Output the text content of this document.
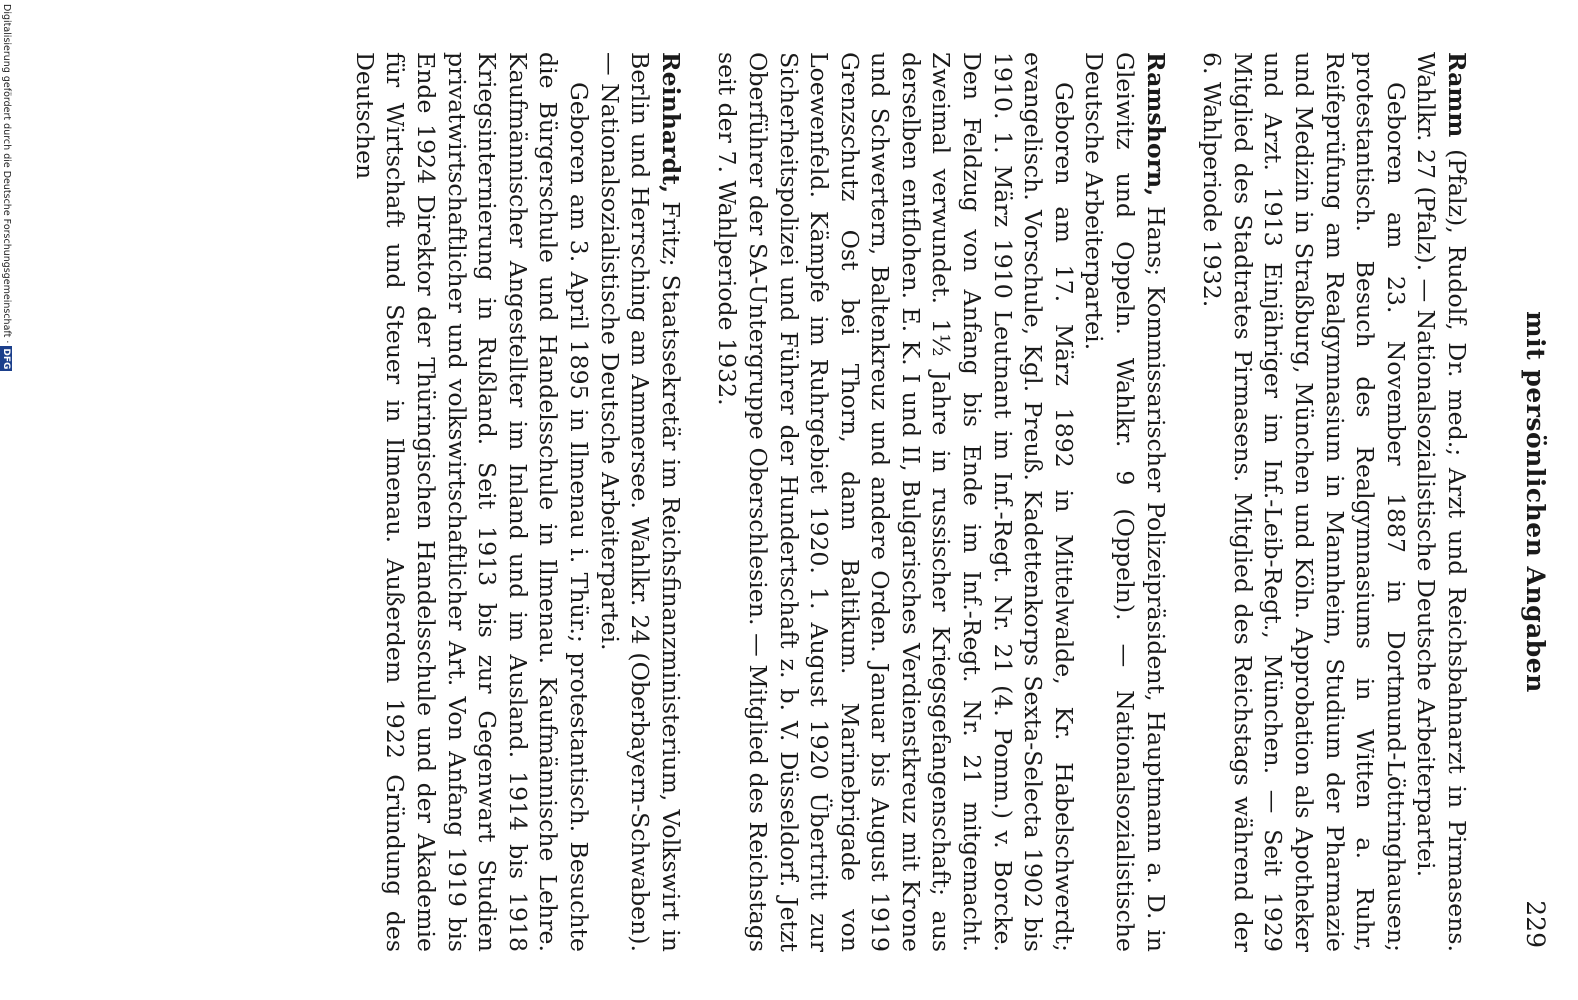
Digitalisierung gefördert durch die Deutsche Forschungsgemeinschaft ·DFG	mit persönlichen Angaben
229

Ramm (Pfalz), Rudolf, Dr. med.; Arzt und Reichsbahnarzt in Pirmasens. Wahlkr. 27 (Pfalz). — Nationalsozialistische Deutsche Arbeiterpartei.

Geboren am 23. November 1887 in Dortmund-Löttringhausen; protestantisch. Besuch des Realgymnasiums in Witten a. Ruhr, Reifeprüfung am Realgymnasium in Mannheim, Studium der Pharmazie und Medizin in Straßburg, München und Köln. Approbation als Apotheker und Arzt. 1913 Einjähriger im Inf.-Leib-Regt., München. — Seit 1929 Mitglied des Stadtrates Pirmasens. Mitglied des Reichstags während der 6. Wahlperiode 1932.

Ramshorn, Hans; Kommissarischer Polizeipräsident, Hauptmann a. D. in Gleiwitz und Oppeln. Wahlkr. 9 (Oppeln). — Nationalsozialistische Deutsche Arbeiterpartei.

Geboren am 17. März 1892 in Mittelwalde, Kr. Habelschwerdt; evangelisch. Vorschule, Kgl. Preuß. Kadettenkorps Sexta-Selecta 1902 bis 1910. 1. März 1910 Leutnant im Inf.-Regt. Nr. 21 (4. Pomm.) v. Borcke. Den Feldzug von Anfang bis Ende im Inf.-Regt. Nr. 21 mitgemacht. Zweimal verwundet. 1½ Jahre in russischer Kriegsgefangenschaft; aus derselben entflohen. E. K. I und II, Bulgarisches Verdienstkreuz mit Krone und Schwertern, Baltenkreuz und andere Orden. Januar bis August 1919 Grenzschutz Ost bei Thorn, dann Baltikum. Marinebrigade von Loewenfeld. Kämpfe im Ruhrgebiet 1920. 1. August 1920 Übertritt zur Sicherheitspolizei und Führer der Hundertschaft z. b. V. Düsseldorf. Jetzt Oberführer der SA-Untergruppe Oberschlesien. — Mitglied des Reichstags seit der 7. Wahlperiode 1932.

Reinhardt, Fritz; Staatssekretär im Reichsfinanzministerium, Volkswirt in Berlin und Herrsching am Ammersee. Wahlkr. 24 (Oberbayern-Schwaben). — Nationalsozialistische Deutsche Arbeiterpartei.

Geboren am 3. April 1895 in Ilmenau i. Thür.; protestantisch. Besuchte die Bürgerschule und Handelsschule in Ilmenau. Kaufmännische Lehre. Kaufmännischer Angestellter im Inland und im Ausland. 1914 bis 1918 Kriegsinternierung in Rußland. Seit 1913 bis zur Gegenwart Studien privatwirtschaftlicher und volkswirtschaftlicher Art. Von Anfang 1919 bis Ende 1924 Direktor der Thüringischen Handelsschule und der Akademie für Wirtschaft und Steuer in Ilmenau. Außerdem 1922 Gründung des Deutschen
